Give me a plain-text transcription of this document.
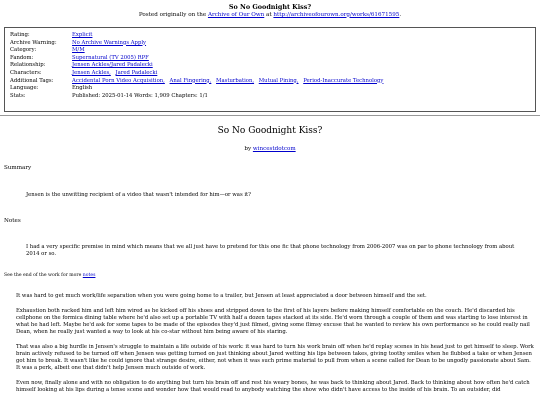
So No Goodnight Kiss?
Posted originally on the Archive of Our Own at http://archiveofourown.org/works/61671595.
Rating:	Explicit
Archive Warning:	No Archive Warnings Apply
Category:	M/M
Fandom:	Supernatural (TV 2005) RPF
Relationship:	Jensen Ackles/Jared Padalecki
Characters:	Jensen Ackles, Jared Padalecki
Additional Tags:	Accidental Porn Video Acquisition, Anal Fingering, Masturbation, Mutual Pining, Period-Inaccurate Technology
Language:	English
Stats:	Published: 2025-01-14 Words: 1,909 Chapters: 1/1
So No Goodnight Kiss?
by wincestdotcom
Summary
Jensen is the unwitting recipient of a video that wasn't intended for him—or was it?
Notes
I had a very specific premise in mind which means that we all just have to pretend for this one fic that phone technology from 2006-2007 was on par to phone technology from about 2014 or so.
See the end of the work for more notes

It was hard to get much work/life separation when you were going home to a trailer, but Jensen at least appreciated a door between himself and the set.

Exhaustion both racked him and left him wired as he kicked off his shoes and stripped down to the first of his layers before making himself comfortable on the couch. He'd discarded his cellphone on the formica dining table where he'd also set up a portable TV with half a dozen tapes stacked at its side. He'd worn through a couple of them and was starting to lose interest in what he had left. Maybe he'd ask for some tapes to be made of the episodes they'd just filmed, giving some flimsy excuse that he wanted to review his own performance so he could really nail Dean, when he really just wanted a way to look at his co-star without him being aware of his staring.

That was also a big hurdle in Jensen's struggle to maintain a life outside of his work: it was hard to turn his work brain off when he'd replay scenes in his head just to get himself to sleep. Work brain actively refused to be turned off when Jensen was getting turned on just thinking about Jared wetting his lips between takes, giving toothy smiles when he flubbed a take or when Jensen got him to break. It wasn't like he could ignore that strange desire, either, not when it was such prime material to pull from when a scene called for Dean to be ungodly passionate about Sam. It was a perk, albeit one that didn't help Jensen much outside of work.

Even now, finally alone and with no obligation to do anything but turn his brain off and rest his weary bones, he was back to thinking about Jared. Back to thinking about how often he'd catch himself looking at his lips during a tense scene and wonder how that would read to anybody watching the show who didn't have access to the inside of his brain. To an outsider, did
